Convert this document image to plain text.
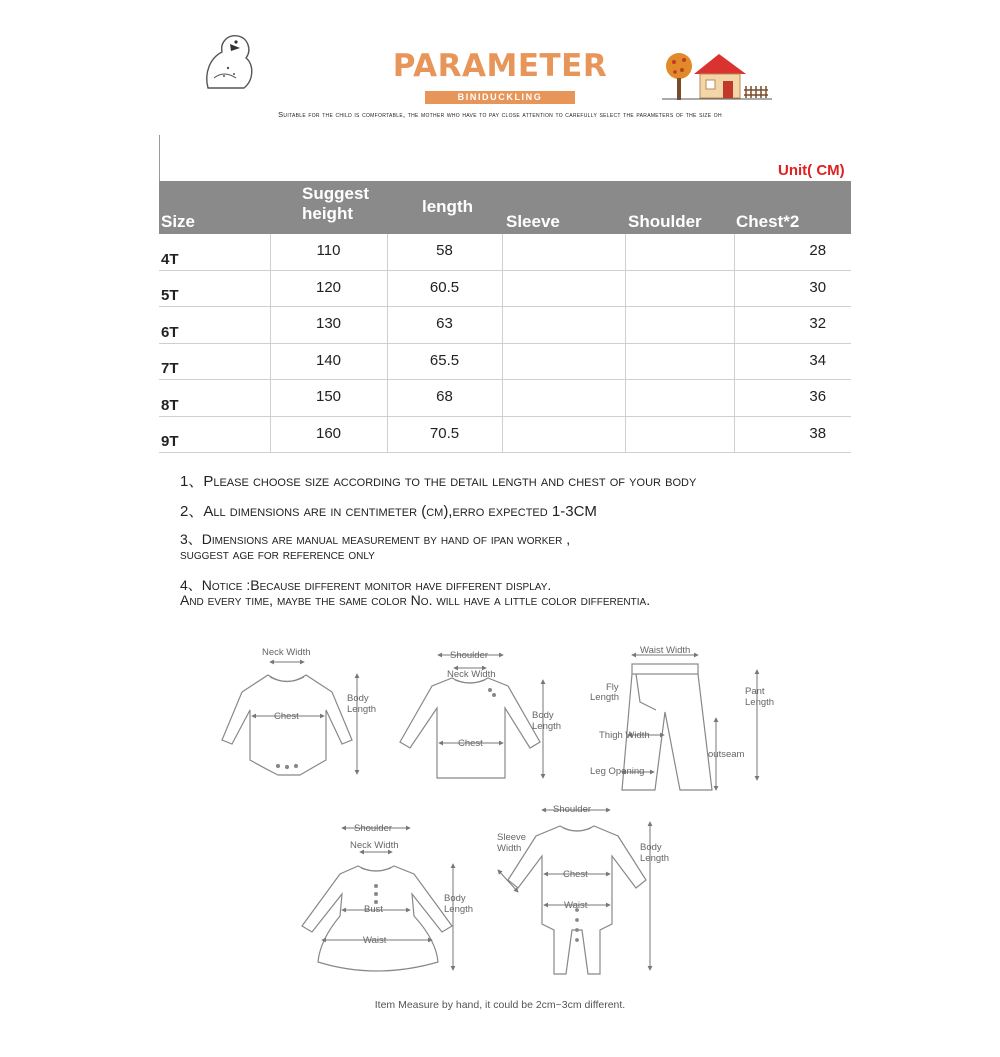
PARAMETER
BINIDUCKLING
Suitable for the child is comfortable, the mother who have to pay close attention to carefully select the parameters of the size oh
Unit( CM)
Size	Suggest height	length	Sleeve	Shoulder	Chest*2

4T	110	58			28

5T	120	60.5			30

6T	130	63			32

7T	140	65.5			34

8T	150	68			36

9T	160	70.5			38
1、Please choose size according to the detail length and chest of your body
2、All dimensions are in centimeter (cm),erro expected 1-3CM
3、Dimensions are manual measurement by hand of ipan worker ,
suggest age for reference only
4、Notice :Because different monitor have different display.
And every time, maybe the same color No. will have a little color differentia.
Neck Width
Body
Length
Chest
Shoulder
Neck Width
Body
Length
Chest
Waist Width
Fly
Length
Pant
Length
Thigh Width
outseam
Leg Opening
Shoulder
Neck Width
Body
Length
Bust
Waist
Shoulder
Sleeve
Width	Body
Length
Chest
Waist
Item Measure by hand, it could be 2cm~3cm different.
